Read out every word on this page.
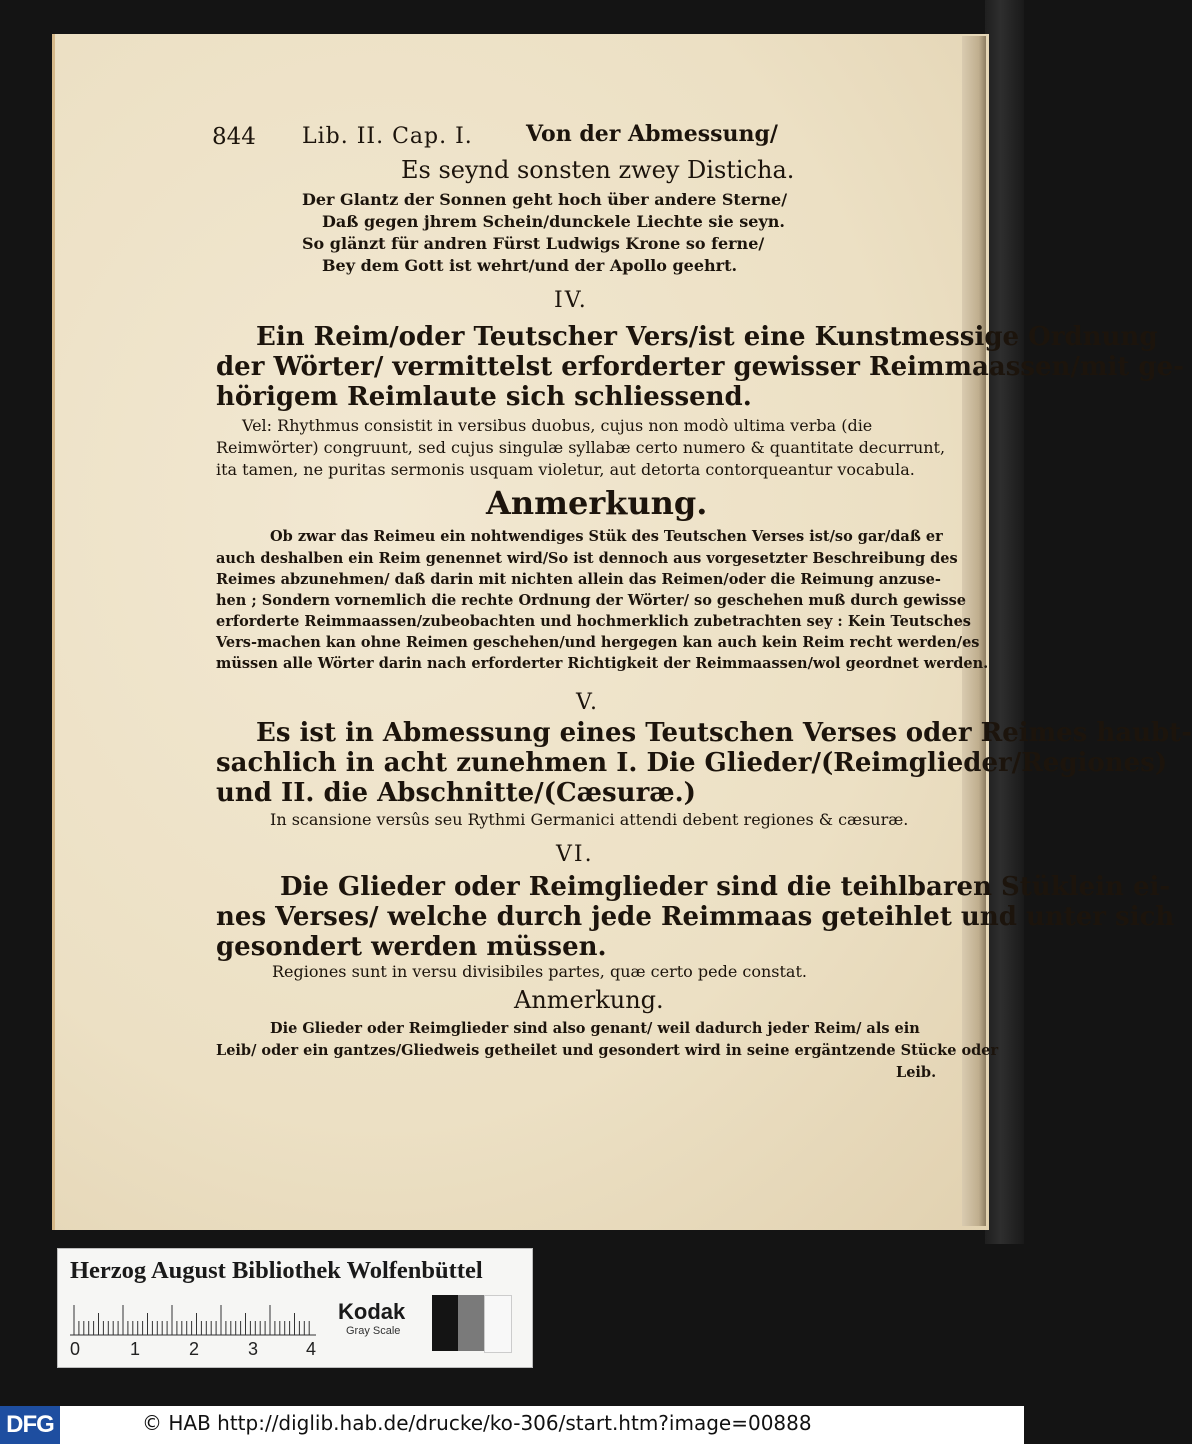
844 Lib. II. Cap. I. Von der Abmessung/
Es seynd sonsten zwey Disticha.
Der Glantz der Sonnen geht hoch über andere Sterne/
Daß gegen jhrem Schein/dunckele Liechte sie seyn.
So glänzt für andren Fürst Ludwigs Krone so ferne/
Bey dem Gott ist wehrt/und der Apollo geehrt.
IV.
Ein Reim/oder Teutscher Vers/ist eine Kunstmessige Ordnung
der Wörter/ vermittelst erforderter gewisser Reimmaassen/mit ge-
hörigem Reimlaute sich schliessend.
Vel: Rhythmus consistit in versibus duobus, cujus non modò ultima verba (die
Reimwörter) congruunt, sed cujus singulæ syllabæ certo numero & quantitate decurrunt,
ita tamen, ne puritas sermonis usquam violetur, aut detorta contorqueantur vocabula.
Anmerkung.
Ob zwar das Reimeu ein nohtwendiges Stük des Teutschen Verses ist/so gar/daß er
auch deshalben ein Reim genennet wird/So ist dennoch aus vorgesetzter Beschreibung des
Reimes abzunehmen/ daß darin mit nichten allein das Reimen/oder die Reimung anzuse-
hen ; Sondern vornemlich die rechte Ordnung der Wörter/ so geschehen muß durch gewisse
erforderte Reimmaassen/zubeobachten und hochmerklich zubetrachten sey : Kein Teutsches
Vers-machen kan ohne Reimen geschehen/und hergegen kan auch kein Reim recht werden/es
müssen alle Wörter darin nach erforderter Richtigkeit der Reimmaassen/wol geordnet werden.
V.
Es ist in Abmessung eines Teutschen Verses oder Reimes haubt-
sachlich in acht zunehmen I. Die Glieder/(Reimglieder/Regiones)
und II. die Abschnitte/(Cæsuræ.)
In scansione versûs seu Rythmi Germanici attendi debent regiones & cæsuræ.
VI.
Die Glieder oder Reimglieder sind die teihlbaren Stüklein ei-
nes Verses/ welche durch jede Reimmaas geteihlet und unter sich
gesondert werden müssen.
Regiones sunt in versu divisibiles partes, quæ certo pede constat.
Anmerkung.
Die Glieder oder Reimglieder sind also genant/ weil dadurch jeder Reim/ als ein
Leib/ oder ein gantzes/Gliedweis getheilet und gesondert wird in seine ergäntzende Stücke oder
Leib.
Herzog August Bibliothek Wolfenbüttel
0	1	2	3	4
Kodak
Gray Scale
DFG	© HAB http://diglib.hab.de/drucke/ko-306/start.htm?image=00888
